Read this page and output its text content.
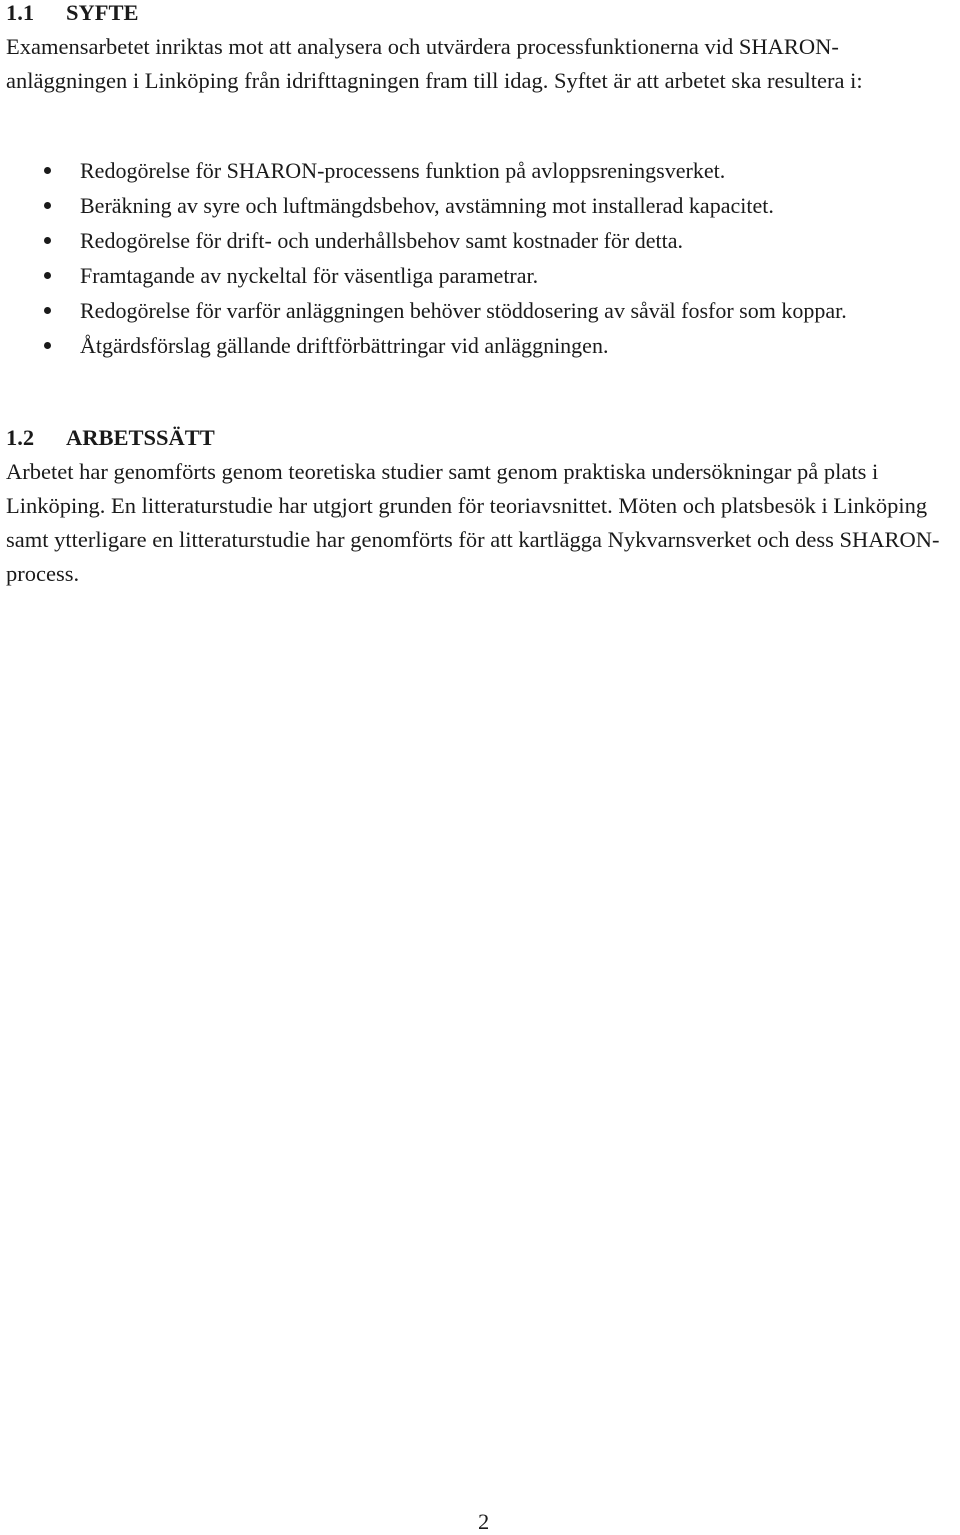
1.1 SYFTE

Examensarbetet inriktas mot att analysera och utvärdera processfunktionerna vid SHARON-anläggningen i Linköping från idrifttagningen fram till idag. Syftet är att arbetet ska resultera i:

Redogörelse för SHARON-processens funktion på avloppsreningsverket.
Beräkning av syre och luftmängdsbehov, avstämning mot installerad kapacitet.
Redogörelse för drift- och underhållsbehov samt kostnader för detta.
Framtagande av nyckeltal för väsentliga parametrar.
Redogörelse för varför anläggningen behöver stöddosering av såväl fosfor som koppar.
Åtgärdsförslag gällande driftförbättringar vid anläggningen.
1.2 ARBETSSÄTT

Arbetet har genomförts genom teoretiska studier samt genom praktiska undersökningar på plats i Linköping. En litteraturstudie har utgjort grunden för teoriavsnittet. Möten och platsbesök i Linköping samt ytterligare en litteraturstudie har genomförts för att kartlägga Nykvarnsverket och dess SHARON-process.

2
